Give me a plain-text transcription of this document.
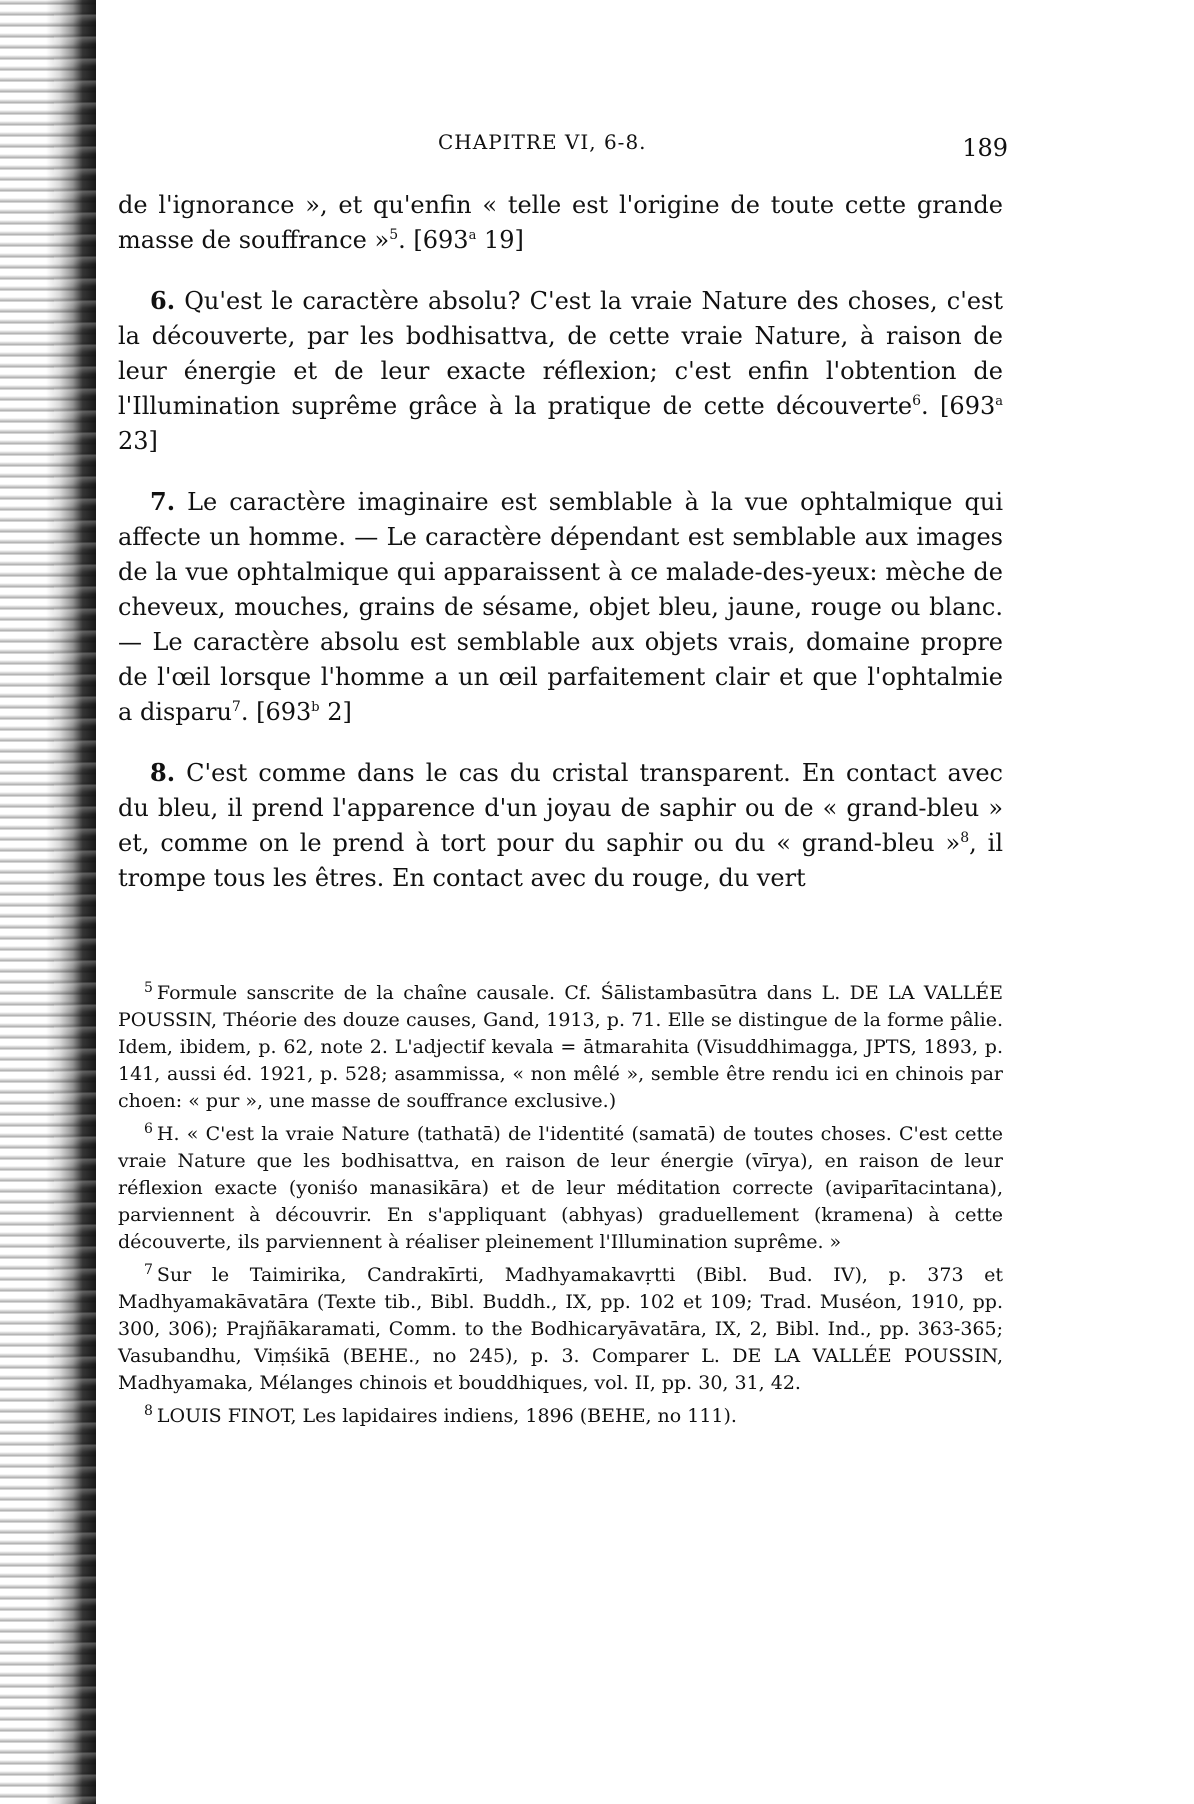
CHAPITRE VI, 6-8.	189

de l'ignorance », et qu'enfin « telle est l'origine de toute cette grande masse de souffrance »$^5$. [693$^a$ 19]

6. Qu'est le caractère absolu? C'est la vraie Nature des choses, c'est la découverte, par les bodhisattva, de cette vraie Nature, à raison de leur énergie et de leur exacte réflexion; c'est enfin l'obtention de l'Illumination suprême grâce à la pratique de cette découverte$^6$. [693$^a$ 23]

7. Le caractère imaginaire est semblable à la vue ophtalmique qui affecte un homme. — Le caractère dépendant est semblable aux images de la vue ophtalmique qui apparaissent à ce malade-des-yeux: mèche de cheveux, mouches, grains de sésame, objet bleu, jaune, rouge ou blanc. — Le caractère absolu est semblable aux objets vrais, domaine propre de l'œil lorsque l'homme a un œil parfaitement clair et que l'ophtalmie a disparu$^7$. [693$^b$ 2]

8. C'est comme dans le cas du cristal transparent. En contact avec du bleu, il prend l'apparence d'un joyau de saphir ou de « grand-bleu » et, comme on le prend à tort pour du saphir ou du « grand-bleu »$^8$, il trompe tous les êtres. En contact avec du rouge, du vert

$^5$ Formule sanscrite de la chaîne causale. Cf. Śālistambasūtra dans L. DE LA VALLÉE POUSSIN, Théorie des douze causes, Gand, 1913, p. 71. Elle se distingue de la forme pâlie. Idem, ibidem, p. 62, note 2. L'adjectif kevala = ātmarahita (Visuddhimagga, JPTS, 1893, p. 141, aussi éd. 1921, p. 528; asammissa, « non mêlé », semble être rendu ici en chinois par choen: « pur », une masse de souffrance exclusive.)

$^6$ H. « C'est la vraie Nature (tathatā) de l'identité (samatā) de toutes choses. C'est cette vraie Nature que les bodhisattva, en raison de leur énergie (vīrya), en raison de leur réflexion exacte (yoniśo manasikāra) et de leur méditation correcte (aviparītacintana), parviennent à découvrir. En s'appliquant (abhyas) graduellement (kramena) à cette découverte, ils parviennent à réaliser pleinement l'Illumination suprême. »

$^7$ Sur le Taimirika, Candrakīrti, Madhyamakavṛtti (Bibl. Bud. IV), p. 373 et Madhyamakāvatāra (Texte tib., Bibl. Buddh., IX, pp. 102 et 109; Trad. Muséon, 1910, pp. 300, 306); Prajñākaramati, Comm. to the Bodhicaryāvatāra, IX, 2, Bibl. Ind., pp. 363-365; Vasubandhu, Viṃśikā (BEHE., no 245), p. 3. Comparer L. DE LA VALLÉE POUSSIN, Madhyamaka, Mélanges chinois et bouddhiques, vol. II, pp. 30, 31, 42.

$^8$ LOUIS FINOT, Les lapidaires indiens, 1896 (BEHE, no 111).
